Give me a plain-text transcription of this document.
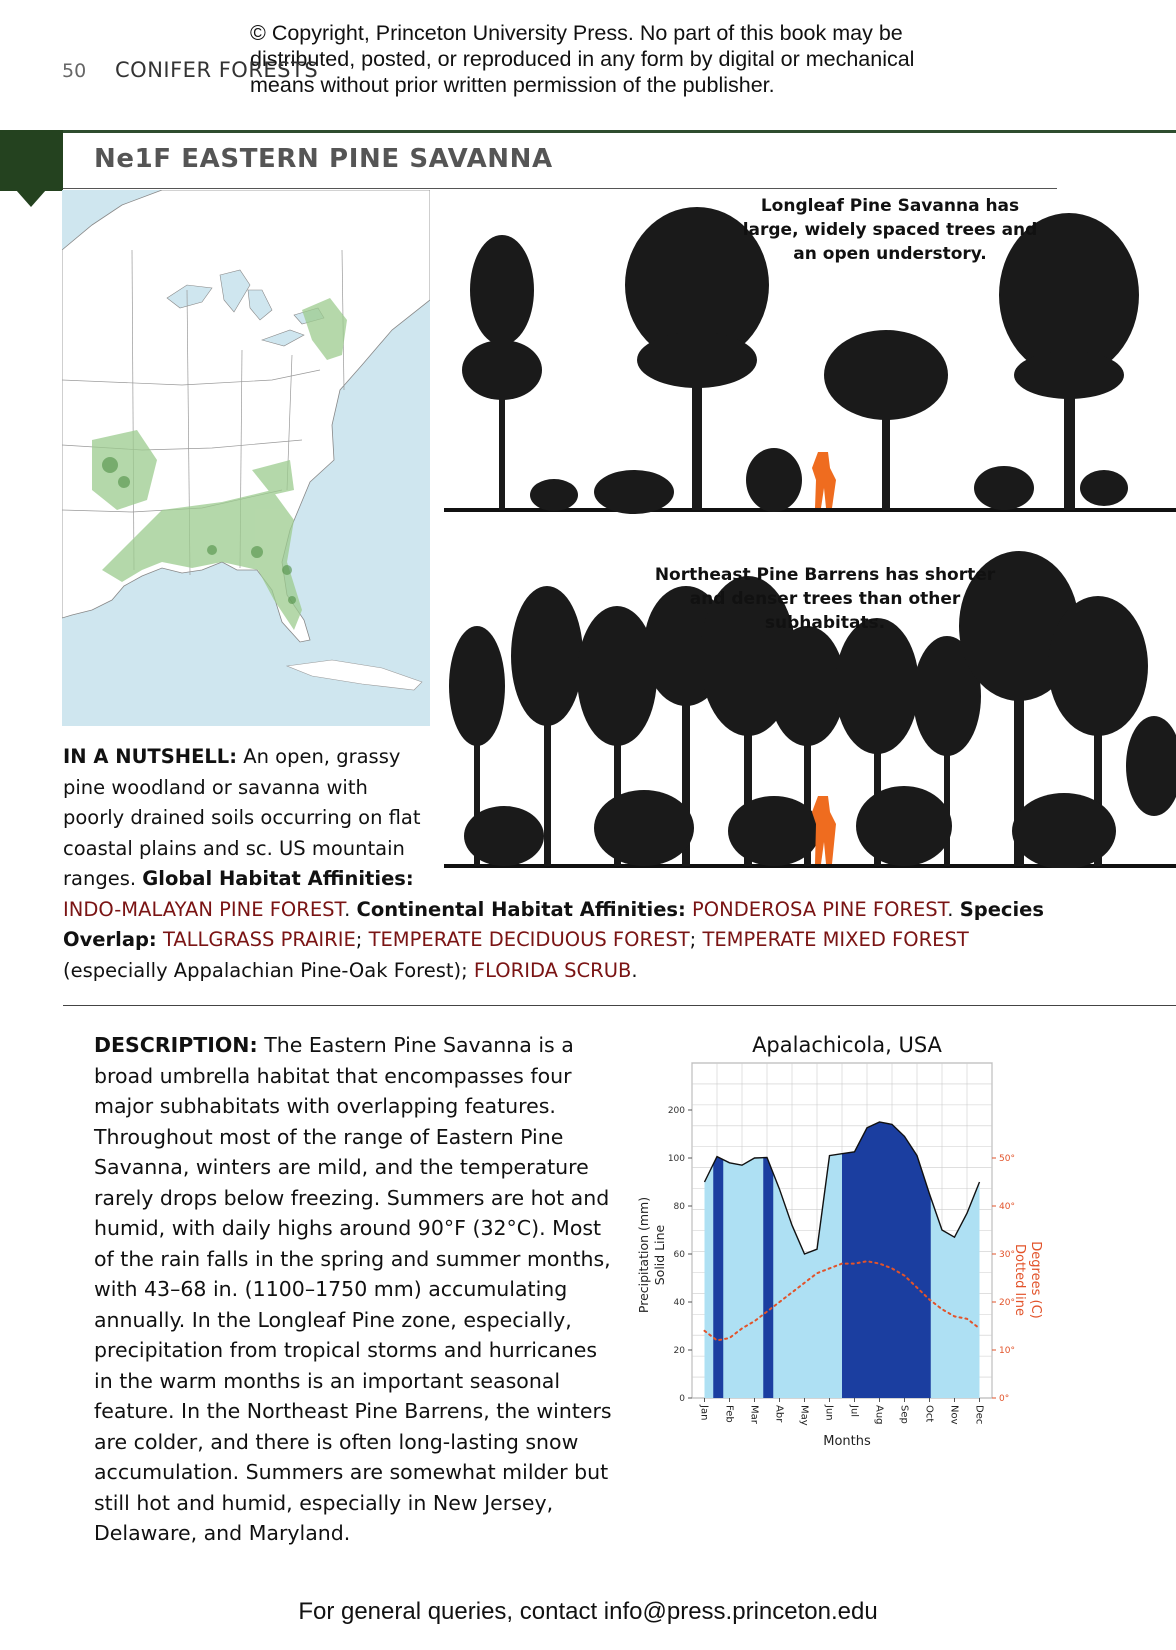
© Copyright, Princeton University Press. No part of this book may be
distributed, posted, or reproduced in any form by digital or mechanical
means without prior written permission of the publisher.
50 CONIFER FORESTS
Ne1F EASTERN PINE SAVANNA
Longleaf Pine Savanna has large, widely spaced trees and an open understory.
Northeast Pine Barrens has shorter and denser trees than other subhabitats.

IN A NUTSHELL: An open, grassy pine woodland or savanna with poorly drained soils occurring on flat coastal plains and sc. US mountain ranges. Global Habitat Affinities: INDO-MALAYAN PINE FOREST. Continental Habitat Affinities: PONDEROSA PINE FOREST. Species Overlap: TALLGRASS PRAIRIE; TEMPERATE DECIDUOUS FOREST; TEMPERATE MIXED FOREST (especially Appalachian Pine-Oak Forest); FLORIDA SCRUB.

DESCRIPTION: The Eastern Pine Savanna is a broad umbrella habitat that encompasses four major subhabitats with overlapping features. Throughout most of the range of Eastern Pine Savanna, winters are mild, and the temperature rarely drops below freezing. Summers are hot and humid, with daily highs around 90°F (32°C). Most of the rain falls in the spring and summer months, with 43–68 in. (1100–1750 mm) accumulating annually. In the Longleaf Pine zone, especially, precipitation from tropical storms and hurricanes in the warm months is an important seasonal feature. In the Northeast Pine Barrens, the winters are colder, and there is often long-lasting snow accumulation. Summers are somewhat milder but still hot and humid, especially in New Jersey, Delaware, and Maryland.

Apalachicola, USA
0
20
40
60
80
100
200
0°
10°
20°
30°
40°
50°
Jan Feb Mar Abr May Jun Jul Aug Sep Oct Nov Dec
Months
Precipitation (mm) Solid Line	Degrees (C)
Dotted line
For general queries, contact info@press.princeton.edu
